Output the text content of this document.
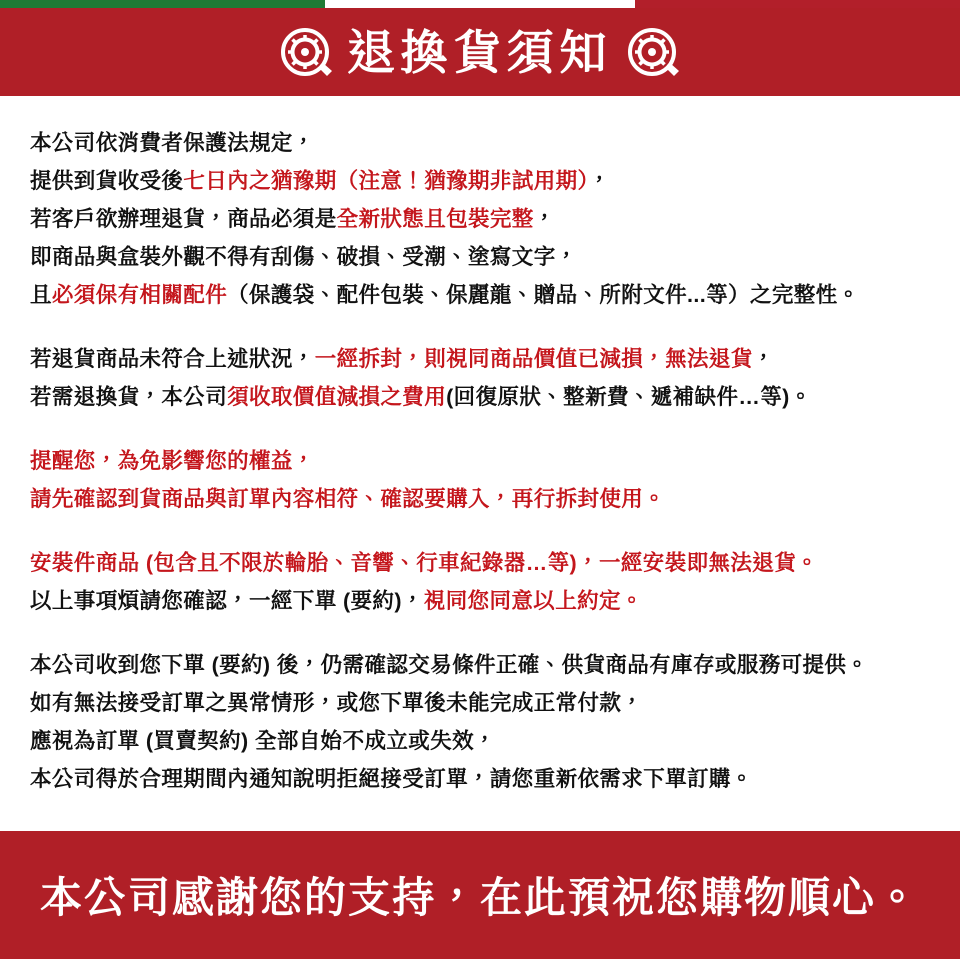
退換貨須知
本公司依消費者保護法規定，
提供到貨收受後七日內之猶豫期（注意！猶豫期非試用期），
若客戶欲辦理退貨，商品必須是全新狀態且包裝完整，
即商品與盒裝外觀不得有刮傷、破損、受潮、塗寫文字，
且必須保有相關配件（保護袋、配件包裝、保麗龍、贈品、所附文件...等）之完整性。
若退貨商品未符合上述狀況，一經拆封，則視同商品價值已減損，無法退貨，
若需退換貨，本公司須收取價值減損之費用(回復原狀、整新費、遞補缺件…等)。
提醒您，為免影響您的權益，
請先確認到貨商品與訂單內容相符、確認要購入，再行拆封使用。
安裝件商品 (包含且不限於輪胎、音響、行車紀錄器…等)，一經安裝即無法退貨。
以上事項煩請您確認，一經下單 (要約)，視同您同意以上約定。
本公司收到您下單 (要約) 後，仍需確認交易條件正確、供貨商品有庫存或服務可提供。
如有無法接受訂單之異常情形，或您下單後未能完成正常付款，
應視為訂單 (買賣契約) 全部自始不成立或失效，
本公司得於合理期間內通知說明拒絕接受訂單，請您重新依需求下單訂購。
本公司感謝您的支持，在此預祝您購物順心。
